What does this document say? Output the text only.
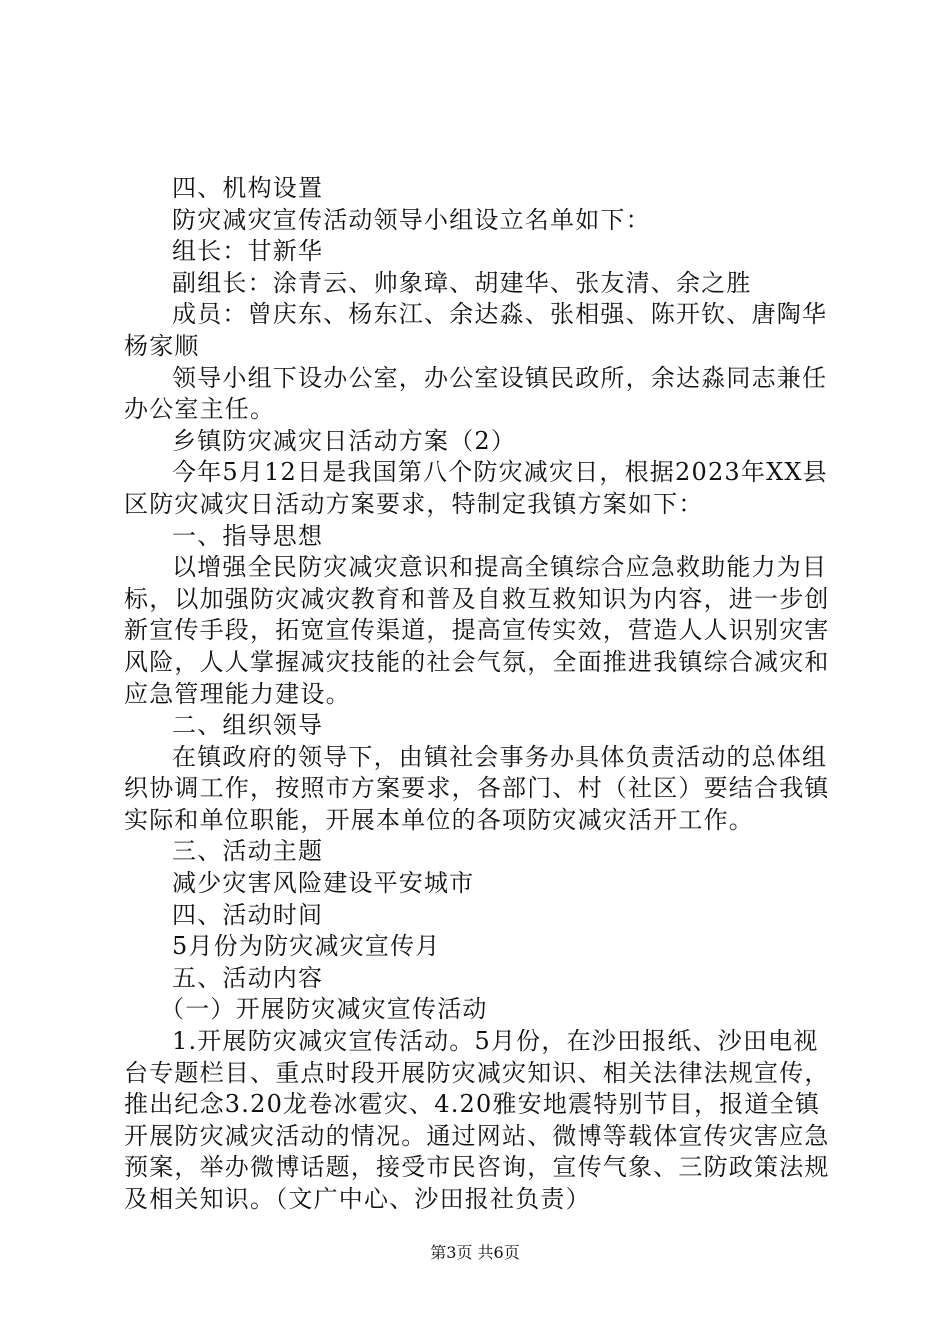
四、机构设置

防灾减灾宣传活动领导小组设立名单如下：

组长：甘新华

副组长：涂青云、帅象璋、胡建华、张友清、余之胜

成员：曾庆东、杨东江、余达淼、张相强、陈开钦、唐陶华杨家顺

领导小组下设办公室，办公室设镇民政所，余达淼同志兼任办公室主任。

乡镇防灾减灾日活动方案（2）

今年5月12日是我国第八个防灾减灾日，根据2023年XX县区防灾减灾日活动方案要求，特制定我镇方案如下：

一、指导思想

以增强全民防灾减灾意识和提高全镇综合应急救助能力为目标，以加强防灾减灾教育和普及自救互救知识为内容，进一步创新宣传手段，拓宽宣传渠道，提高宣传实效，营造人人识别灾害风险，人人掌握减灾技能的社会气氛，全面推进我镇综合减灾和应急管理能力建设。

二、组织领导

在镇政府的领导下，由镇社会事务办具体负责活动的总体组织协调工作，按照市方案要求，各部门、村（社区）要结合我镇实际和单位职能，开展本单位的各项防灾减灾活开工作。

三、活动主题

减少灾害风险建设平安城市

四、活动时间

5月份为防灾减灾宣传月

五、活动内容

（一）开展防灾减灾宣传活动

1.开展防灾减灾宣传活动。5月份，在沙田报纸、沙田电视台专题栏目、重点时段开展防灾减灾知识、相关法律法规宣传，推出纪念3.20龙卷冰雹灾、4.20雅安地震特别节目，报道全镇开展防灾减灾活动的情况。通过网站、微博等载体宣传灾害应急预案，举办微博话题，接受市民咨询，宣传气象、三防政策法规及相关知识。（文广中心、沙田报社负责）

第3页 共6页
